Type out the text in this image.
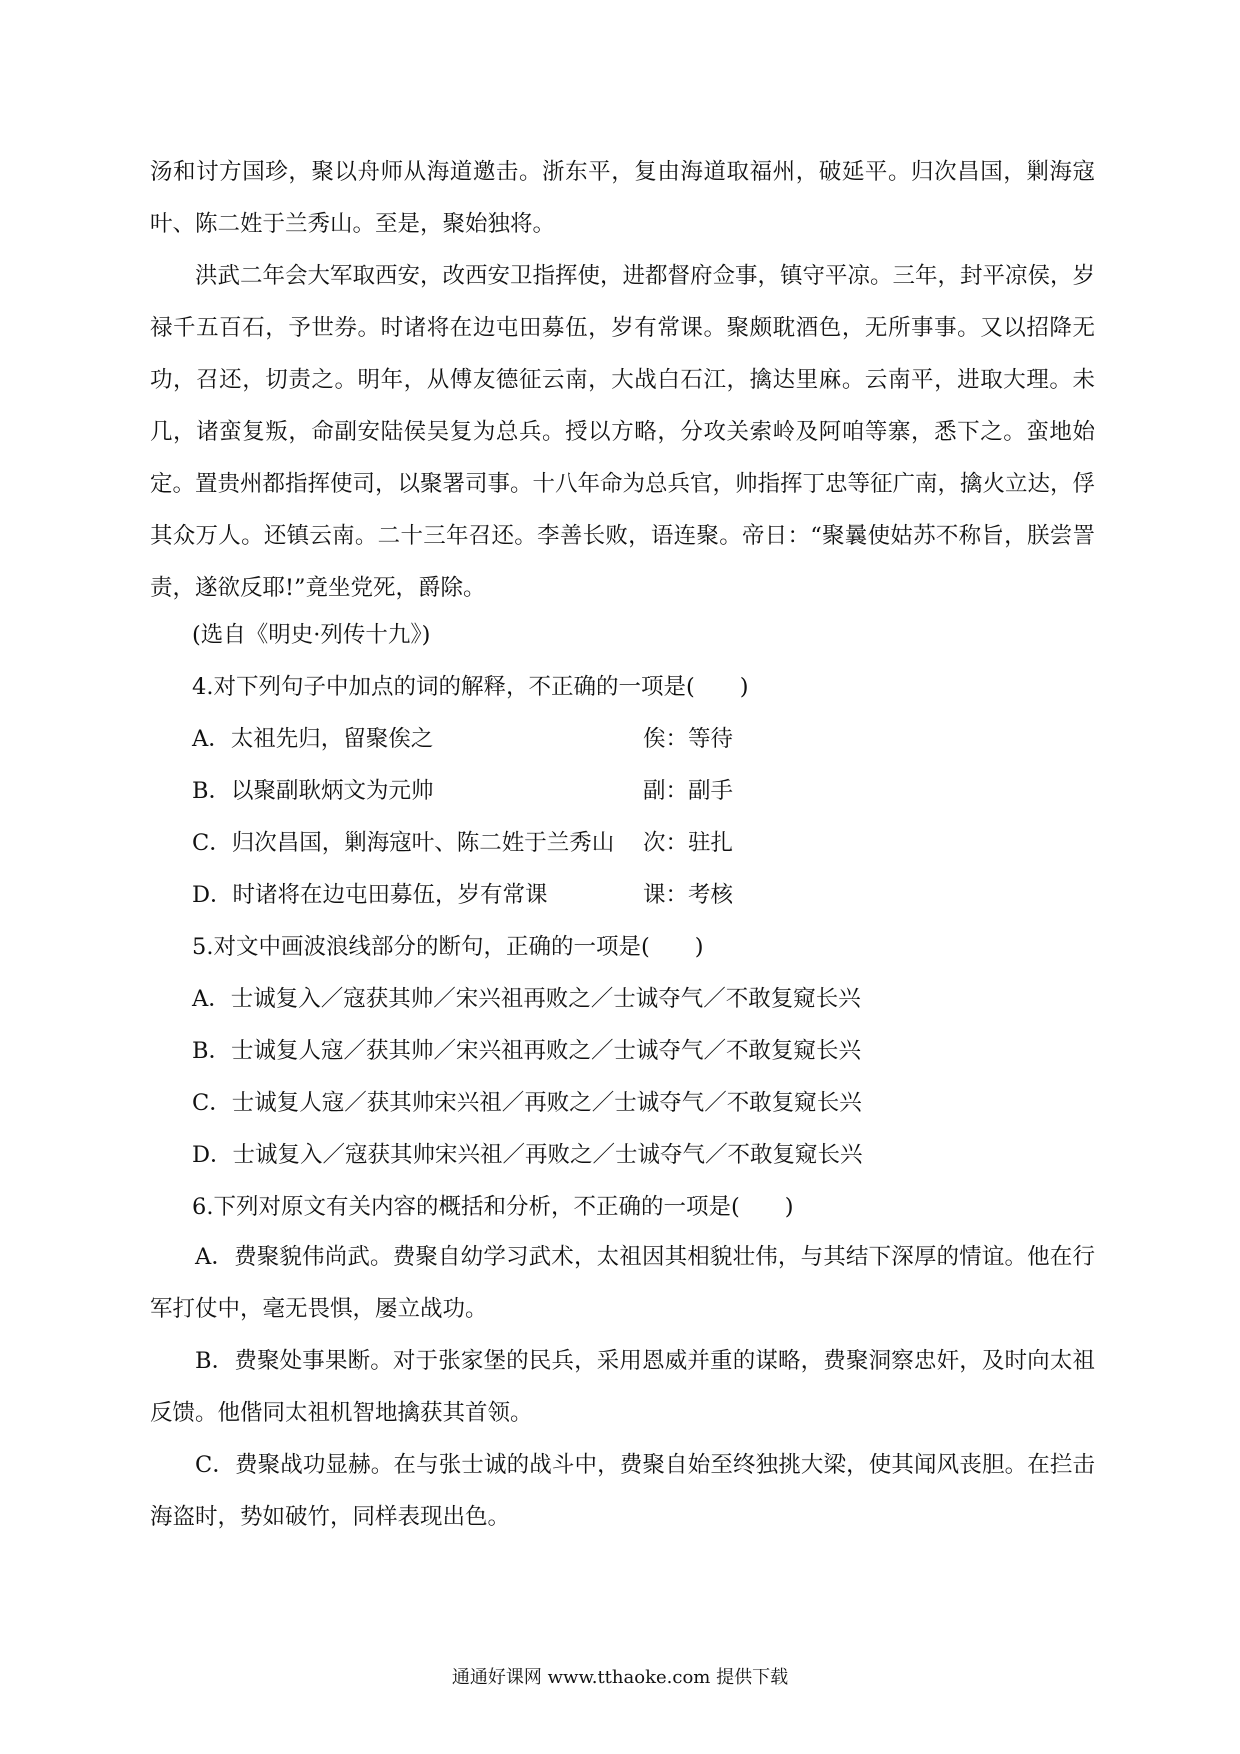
汤和讨方国珍，聚以舟师从海道邀击。浙东平，复由海道取福州，破延平。归次昌国，剿海寇叶、陈二姓于兰秀山。至是，聚始独将。

洪武二年会大军取西安，改西安卫指挥使，进都督府佥事，镇守平凉。三年，封平凉侯，岁禄千五百石，予世券。时诸将在边屯田募伍，岁有常课。聚颇耽酒色，无所事事。又以招降无功，召还，切责之。明年，从傅友德征云南，大战白石江，擒达里麻。云南平，进取大理。未几，诸蛮复叛，命副安陆侯吴复为总兵。授以方略，分攻关索岭及阿咱等寨，悉下之。蛮地始定。置贵州都指挥使司，以聚署司事。十八年命为总兵官，帅指挥丁忠等征广南，擒火立达，俘其众万人。还镇云南。二十三年召还。李善长败，语连聚。帝日：“聚曩使姑苏不称旨，朕尝詈责，遂欲反耶!”竟坐党死，爵除。

(选自《明史·列传十九》)

4.对下列句子中加点的词的解释，不正确的一项是(　　)

A．太祖先归，留聚俟之	俟：等待
B．以聚副耿炳文为元帅	副：副手
C．归次昌国，剿海寇叶、陈二姓于兰秀山 次：驻扎
D．时诸将在边屯田募伍，岁有常课	课：考核

5.对文中画波浪线部分的断句，正确的一项是(　　)

A．士诚复入／寇获其帅／宋兴祖再败之／士诚夺气／不敢复窥长兴

B．士诚复人寇／获其帅／宋兴祖再败之／士诚夺气／不敢复窥长兴

C．士诚复人寇／获其帅宋兴祖／再败之／士诚夺气／不敢复窥长兴

D．士诚复入／寇获其帅宋兴祖／再败之／士诚夺气／不敢复窥长兴

6.下列对原文有关内容的概括和分析，不正确的一项是(　　)

A．费聚貌伟尚武。费聚自幼学习武术，太祖因其相貌壮伟，与其结下深厚的情谊。他在行　军打仗中，毫无畏惧，屡立战功。

B．费聚处事果断。对于张家堡的民兵，采用恩威并重的谋略，费聚洞察忠奸，及时向太祖反馈。他偕同太祖机智地擒获其首领。

C．费聚战功显赫。在与张士诚的战斗中，费聚自始至终独挑大梁，使其闻风丧胆。在拦击海盗时，势如破竹，同样表现出色。

通通好课网 www.tthaoke.com 提供下载
